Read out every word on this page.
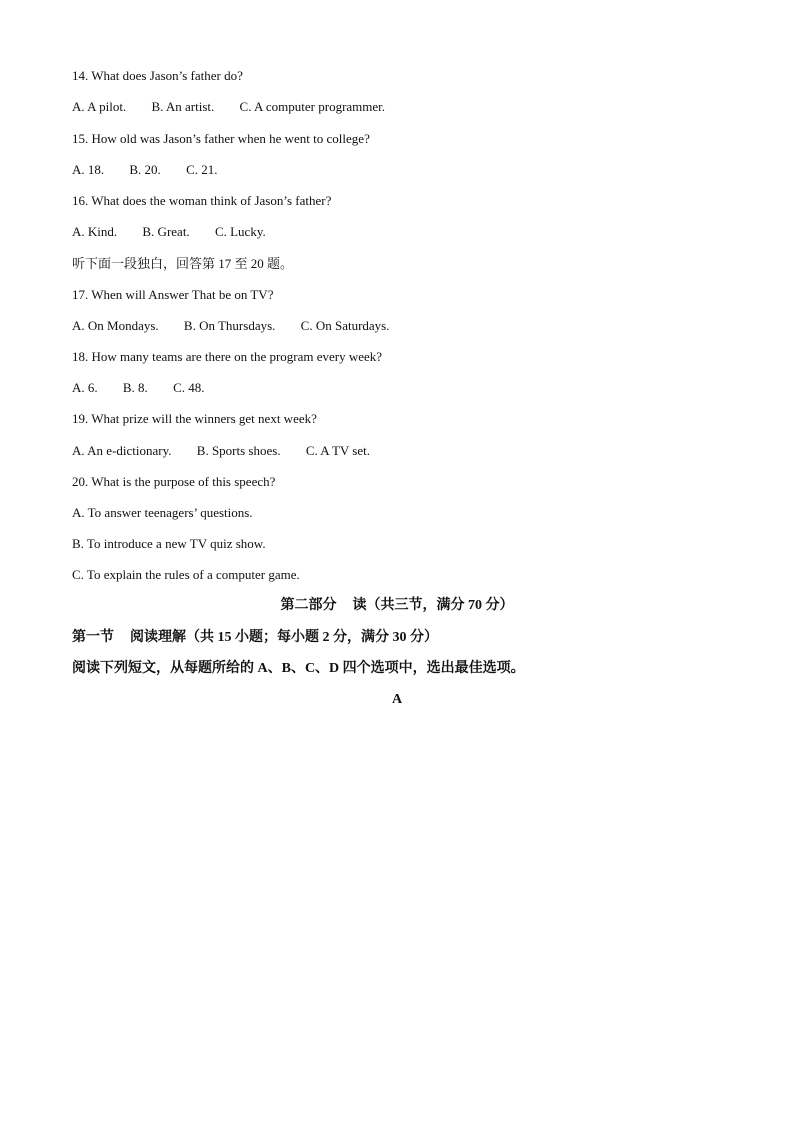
14. What does Jason’s father do?
A. A pilot. B. An artist. C. A computer programmer.
15. How old was Jason’s father when he went to college?
A. 18. B. 20. C. 21.
16. What does the woman think of Jason’s father?
A. Kind. B. Great. C. Lucky.
听下面一段独白，回答第 17 至 20 题。
17. When will Answer That be on TV?
A. On Mondays. B. On Thursdays. C. On Saturdays.
18. How many teams are there on the program every week?
A. 6. B. 8. C. 48.
19. What prize will the winners get next week?
A. An e-dictionary. B. Sports shoes. C. A TV set.
20. What is the purpose of this speech?
A. To answer teenagers’ questions.
B. To introduce a new TV quiz show.
C. To explain the rules of a computer game.
第二部分 读（共三节，满分 70 分）
第一节 阅读理解（共 15 小题；每小题 2 分，满分 30 分）
阅读下列短文，从每题所给的 A、B、C、D 四个选项中，选出最佳选项。
A
